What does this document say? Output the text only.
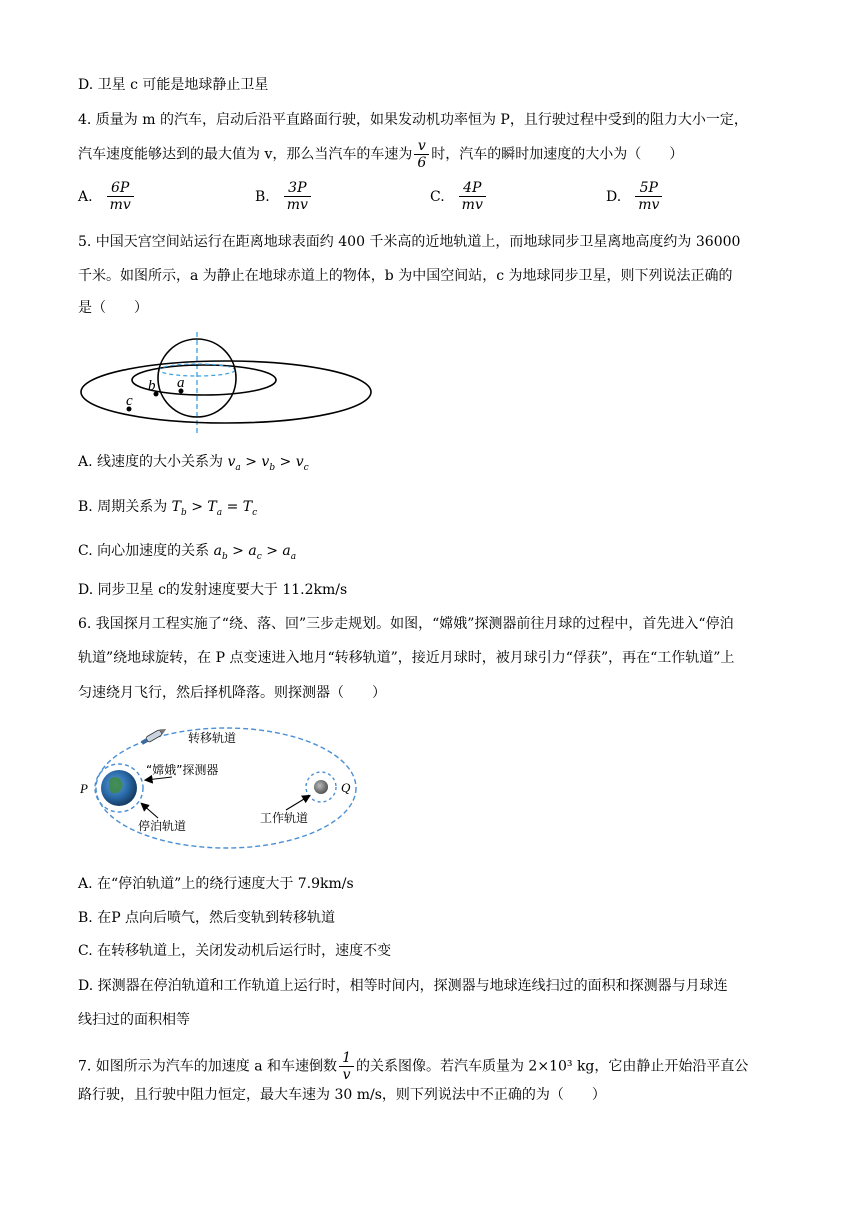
D. 卫星 c 可能是地球静止卫星
4. 质量为 m 的汽车，启动后沿平直路面行驶，如果发动机功率恒为 P，且行驶过程中受到的阻力大小一定，
汽车速度能够达到的最大值为 v，那么当汽车的车速为 $\frac{v}{6}$ 时，汽车的瞬时加速度的大小为（　　）
A. $\frac{6P}{mv}$	B. $\frac{3P}{mv}$	C. $\frac{4P}{mv}$	D. $\frac{5P}{mv}$
5. 中国天宫空间站运行在距离地球表面约 400 千米高的近地轨道上，而地球同步卫星离地高度约为 36000
千米。如图所示，a 为静止在地球赤道上的物体，b 为中国空间站，c 为地球同步卫星，则下列说法正确的
是（　　）
a
b
c
A. 线速度的大小关系为 $v_a > v_b > v_c$
B. 周期关系为 $T_b > T_a = T_c$
C. 向心加速度的关系 $a_b > a_c > a_a$
D. 同步卫星 c的发射速度要大于 11.2km/s
6. 我国探月工程实施了“绕、落、回”三步走规划。如图，“嫦娥”探测器前往月球的过程中，首先进入“停泊
轨道”绕地球旋转，在 P 点变速进入地月“转移轨道”，接近月球时，被月球引力“俘获”，再在“工作轨道”上
匀速绕月飞行，然后择机降落。则探测器（　　）
转移轨道
“嫦娥”探测器
停泊轨道
工作轨道
P	Q
A. 在“停泊轨道”上的绕行速度大于 7.9km/s
B. 在P 点向后喷气，然后变轨到转移轨道
C. 在转移轨道上，关闭发动机后运行时，速度不变
D. 探测器在停泊轨道和工作轨道上运行时，相等时间内，探测器与地球连线扫过的面积和探测器与月球连
线扫过的面积相等
7. 如图所示为汽车的加速度 a 和车速倒数 $\frac{1}{v}$ 的关系图像。若汽车质量为 2×10³ kg，它由静止开始沿平直公
路行驶，且行驶中阻力恒定，最大车速为 30 m/s，则下列说法中不正确的为（　　）
